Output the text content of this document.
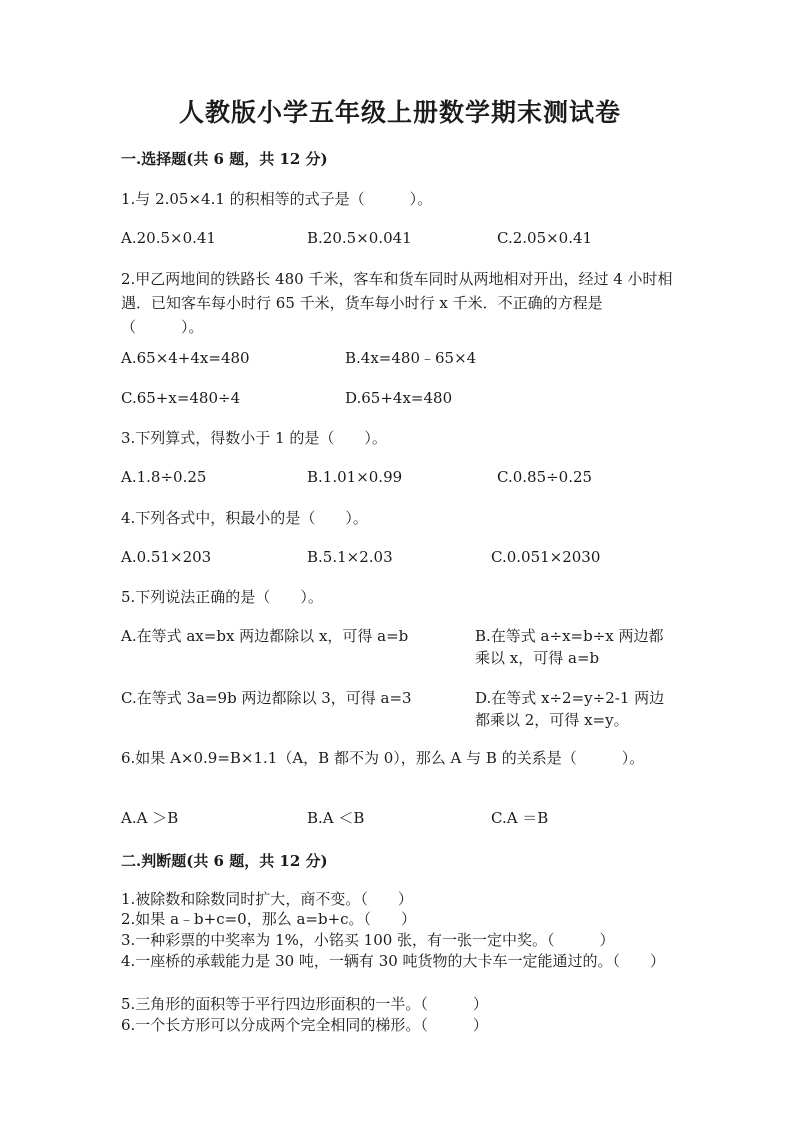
人教版小学五年级上册数学期末测试卷
一.选择题(共 6 题，共 12 分)
1.与 2.05×4.1 的积相等的式子是（　　　）。
A.20.5×0.41	B.20.5×0.041	C.2.05×0.41
2.甲乙两地间的铁路长 480 千米，客车和货车同时从两地相对开出，经过 4 小时相遇．已知客车每小时行 65 千米，货车每小时行 x 千米．不正确的方程是（　　　）。
A.65×4+4x=480	B.4x=480﹣65×4
C.65+x=480÷4	D.65+4x=480
3.下列算式，得数小于 1 的是（　　）。
A.1.8÷0.25	B.1.01×0.99	C.0.85÷0.25
4.下列各式中，积最小的是（　　）。
A.0.51×203	B.5.1×2.03	C.0.051×2030
5.下列说法正确的是（　　）。
A.在等式 ax=bx 两边都除以 x，可得 a=b	B.在等式 a÷x=b÷x 两边都乘以 x，可得 a=b
C.在等式 3a=9b 两边都除以 3，可得 a=3	D.在等式 x÷2=y÷2-1 两边都乘以 2，可得 x=y。
6.如果 A×0.9=B×1.1（A，B 都不为 0），那么 A 与 B 的关系是（　　　）。
A.A ＞B	B.A ＜B	C.A ＝B
二.判断题(共 6 题，共 12 分)
1.被除数和除数同时扩大，商不变。（　　）
2.如果 a﹣b+c=0，那么 a=b+c。（　　）
3.一种彩票的中奖率为 1%，小铭买 100 张，有一张一定中奖。（　　　）
4.一座桥的承载能力是 30 吨，一辆有 30 吨货物的大卡车一定能通过的。（　　）
5.三角形的面积等于平行四边形面积的一半。（　　　）
6.一个长方形可以分成两个完全相同的梯形。（　　　）
